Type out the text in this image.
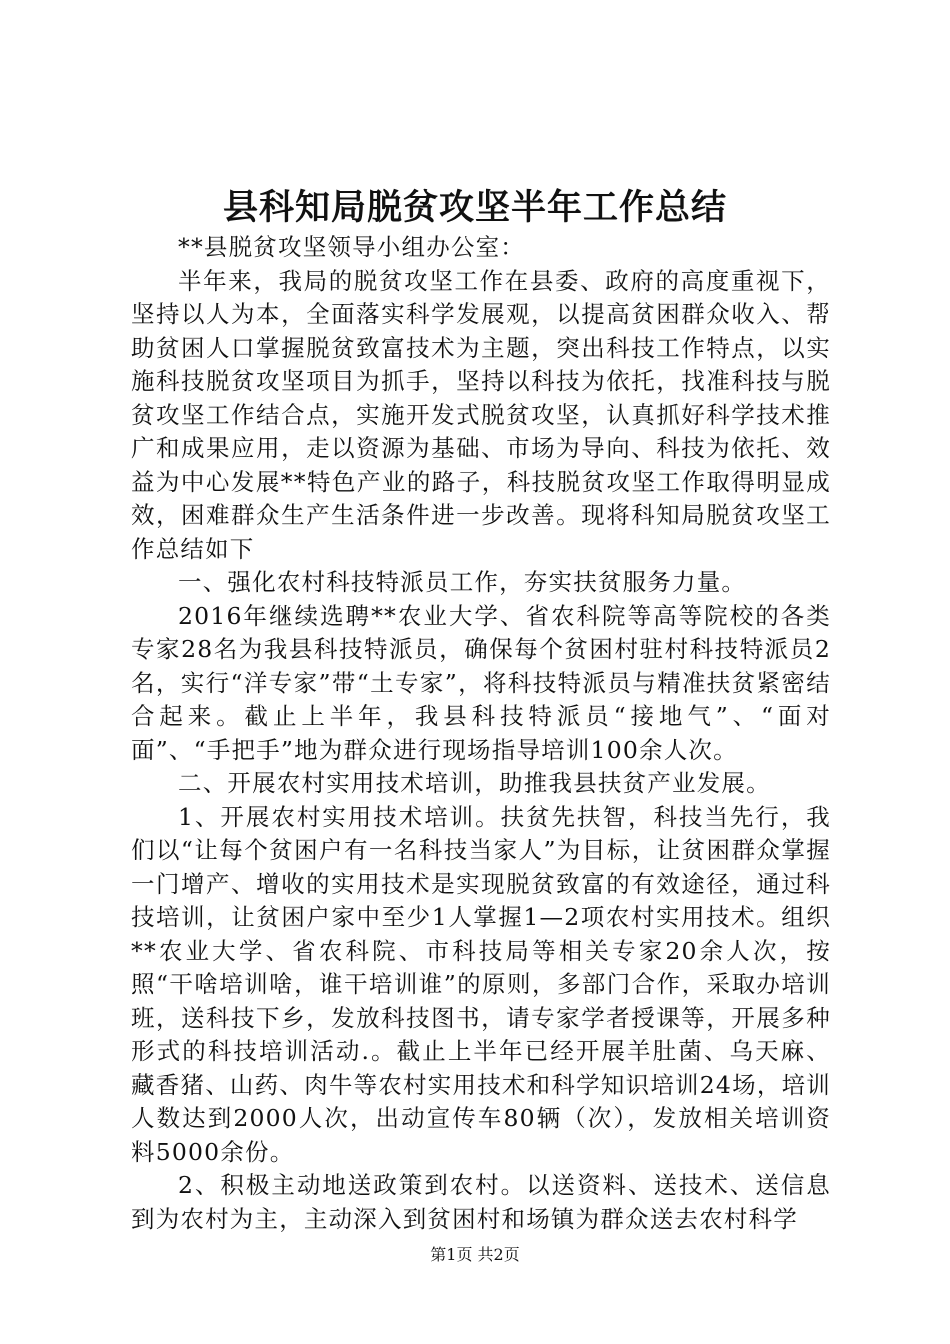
县科知局脱贫攻坚半年工作总结

**县脱贫攻坚领导小组办公室：

半年来，我局的脱贫攻坚工作在县委、政府的高度重视下，坚持以人为本，全面落实科学发展观，以提高贫困群众收入、帮助贫困人口掌握脱贫致富技术为主题，突出科技工作特点，以实施科技脱贫攻坚项目为抓手，坚持以科技为依托，找准科技与脱贫攻坚工作结合点，实施开发式脱贫攻坚，认真抓好科学技术推广和成果应用，走以资源为基础、市场为导向、科技为依托、效益为中心发展**特色产业的路子，科技脱贫攻坚工作取得明显成效，困难群众生产生活条件进一步改善。现将科知局脱贫攻坚工作总结如下

一、强化农村科技特派员工作，夯实扶贫服务力量。

2016年继续选聘**农业大学、省农科院等高等院校的各类专家28名为我县科技特派员，确保每个贫困村驻村科技特派员2名，实行“洋专家”带“土专家”，将科技特派员与精准扶贫紧密结合起来。截止上半年，我县科技特派员“接地气”、“面对面”、“手把手”地为群众进行现场指导培训100余人次。

二、开展农村实用技术培训，助推我县扶贫产业发展。

1、开展农村实用技术培训。扶贫先扶智，科技当先行，我们以“让每个贫困户有一名科技当家人”为目标，让贫困群众掌握一门增产、增收的实用技术是实现脱贫致富的有效途径，通过科技培训，让贫困户家中至少1人掌握1—2项农村实用技术。组织**农业大学、省农科院、市科技局等相关专家20余人次，按照“干啥培训啥，谁干培训谁”的原则，多部门合作，采取办培训班，送科技下乡，发放科技图书，请专家学者授课等，开展多种形式的科技培训活动.。截止上半年已经开展羊肚菌、乌天麻、藏香猪、山药、肉牛等农村实用技术和科学知识培训24场，培训人数达到2000人次，出动宣传车80辆（次），发放相关培训资料5000余份。

2、积极主动地送政策到农村。以送资料、送技术、送信息到为农村为主，主动深入到贫困村和场镇为群众送去农村科学

第1页 共2页
